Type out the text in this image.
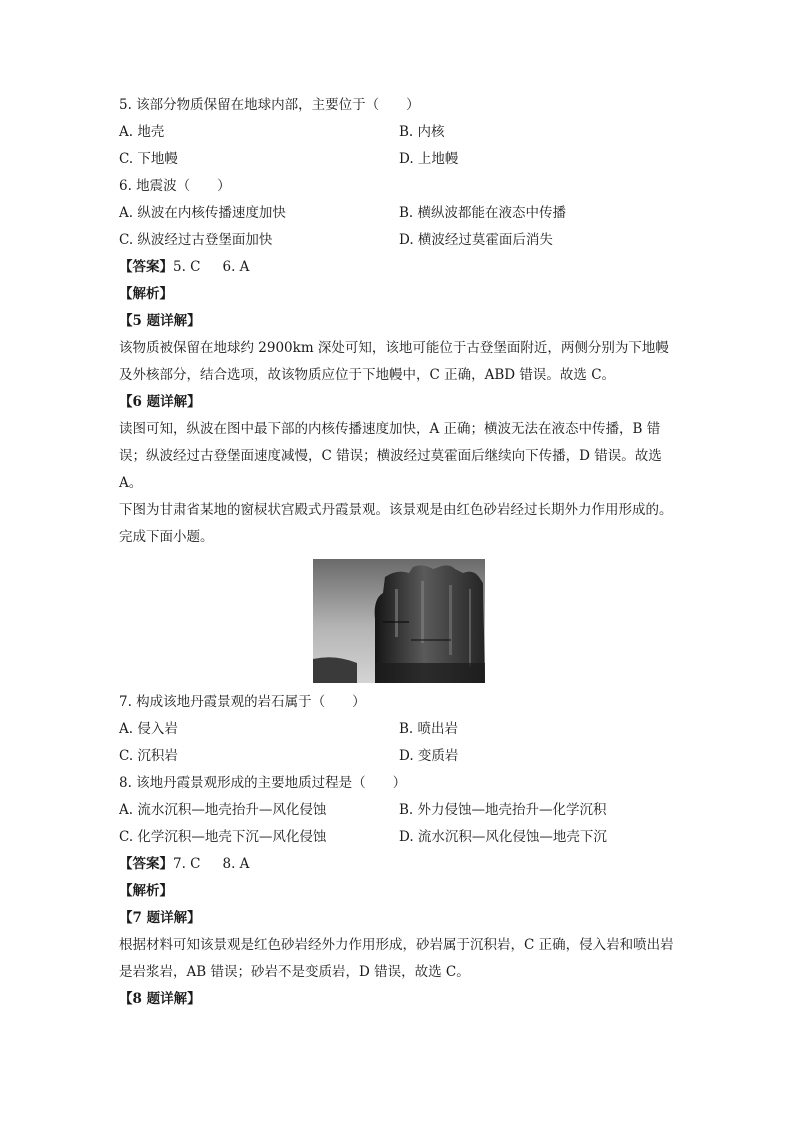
5. 该部分物质保留在地球内部，主要位于（　　）
A. 地壳	B. 内核
C. 下地幔	D. 上地幔
6. 地震波（　　）
A. 纵波在内核传播速度加快	B. 横纵波都能在液态中传播
C. 纵波经过古登堡面加快	D. 横波经过莫霍面后消失
【答案】5. C 6. A
【解析】
【5 题详解】
该物质被保留在地球约 2900km 深处可知，该地可能位于古登堡面附近，两侧分别为下地幔及外核部分，结合选项，故该物质应位于下地幔中，C 正确，ABD 错误。故选 C。
【6 题详解】
读图可知，纵波在图中最下部的内核传播速度加快，A 正确；横波无法在液态中传播，B 错误；纵波经过古登堡面速度减慢，C 错误；横波经过莫霍面后继续向下传播，D 错误。故选A。
下图为甘肃省某地的窗棂状宫殿式丹霞景观。该景观是由红色砂岩经过长期外力作用形成的。完成下面小题。
7. 构成该地丹霞景观的岩石属于（　　）
A. 侵入岩	B. 喷出岩
C. 沉积岩	D. 变质岩
8. 该地丹霞景观形成的主要地质过程是（　　）
A. 流水沉积—地壳抬升—风化侵蚀	B. 外力侵蚀—地壳抬升—化学沉积
C. 化学沉积—地壳下沉—风化侵蚀	D. 流水沉积—风化侵蚀—地壳下沉
【答案】7. C 8. A
【解析】
【7 题详解】
根据材料可知该景观是红色砂岩经外力作用形成，砂岩属于沉积岩，C 正确，侵入岩和喷出岩是岩浆岩，AB 错误；砂岩不是变质岩，D 错误，故选 C。
【8 题详解】
